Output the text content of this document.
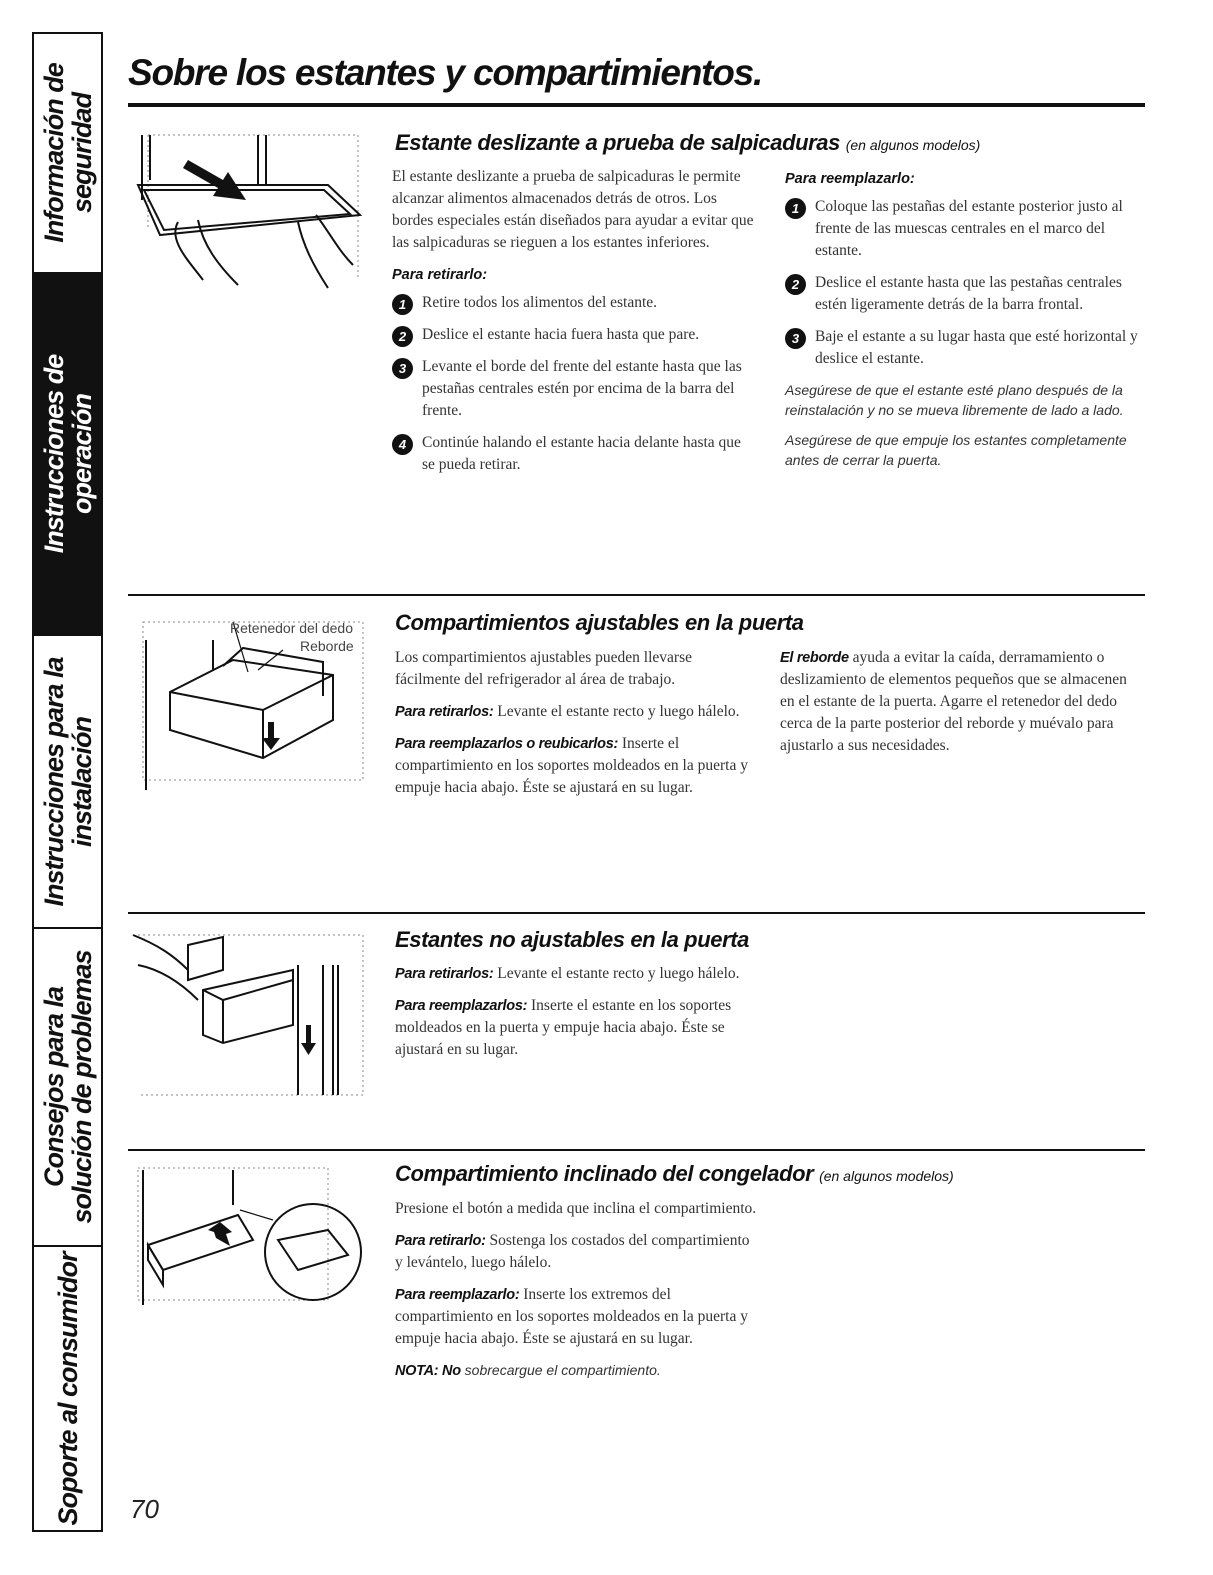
Información de
seguridad
Instrucciones de
operación
Instrucciones para la
instalación
Consejos para la
solución de problemas
Soporte al consumidor
Sobre los estantes y compartimientos.
Estante deslizante a prueba de salpicaduras (en algunos modelos)

El estante deslizante a prueba de salpicaduras le permite alcanzar alimentos almacenados detrás de otros. Los bordes especiales están diseñados para ayudar a evitar que las salpicaduras se rieguen a los estantes inferiores.

Para retirarlo:
1	Retire todos los alimentos del estante.
2	Deslice el estante hacia fuera hasta que pare.
3	Levante el borde del frente del estante hasta que las pestañas centrales estén por encima de la barra del frente.
4	Continúe halando el estante hacia delante hasta que se pueda retirar.
Para reemplazarlo:
1	Coloque las pestañas del estante posterior justo al frente de las muescas centrales en el marco del estante.
2	Deslice el estante hasta que las pestañas centrales estén ligeramente detrás de la barra frontal.
3	Baje el estante a su lugar hasta que esté horizontal y deslice el estante.

Asegúrese de que el estante esté plano después de la reinstalación y no se mueva libremente de lado a lado.

Asegúrese de que empuje los estantes completamente antes de cerrar la puerta.

Retenedor del dedo
Reborde
Compartimientos ajustables en la puerta

Los compartimientos ajustables pueden llevarse fácilmente del refrigerador al área de trabajo.

Para retirarlos: Levante el estante recto y luego hálelo.

Para reemplazarlos o reubicarlos: Inserte el compartimiento en los soportes moldeados en la puerta y empuje hacia abajo. Éste se ajustará en su lugar.

El reborde ayuda a evitar la caída, derramamiento o deslizamiento de elementos pequeños que se almacenen en el estante de la puerta. Agarre el retenedor del dedo cerca de la parte posterior del reborde y muévalo para ajustarlo a sus necesidades.

Estantes no ajustables en la puerta

Para retirarlos: Levante el estante recto y luego hálelo.

Para reemplazarlos: Inserte el estante en los soportes moldeados en la puerta y empuje hacia abajo. Éste se ajustará en su lugar.

Compartimiento inclinado del congelador (en algunos modelos)

Presione el botón a medida que inclina el compartimiento.

Para retirarlo: Sostenga los costados del compartimiento y levántelo, luego hálelo.

Para reemplazarlo: Inserte los extremos del compartimiento en los soportes moldeados en la puerta y empuje hacia abajo. Éste se ajustará en su lugar.

NOTA: No sobrecargue el compartimiento.

70
